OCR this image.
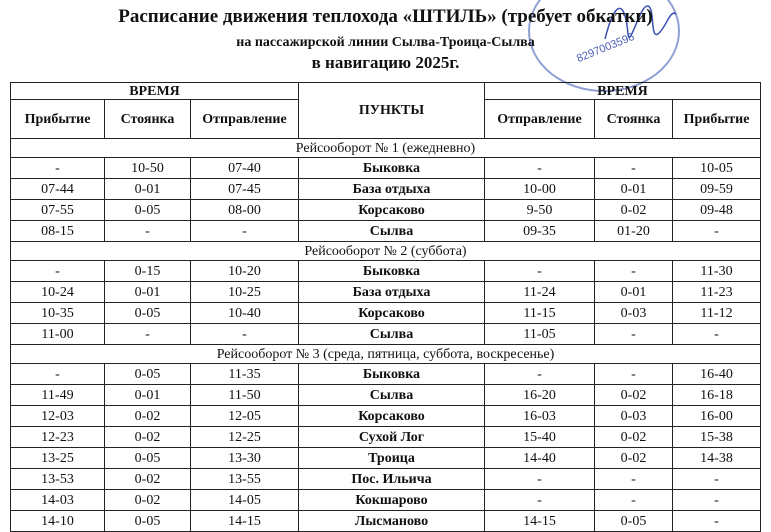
8297003596
Расписание движения теплохода «ШТИЛЬ» (требует обкатки)
на пассажирской линии Сылва-Троица-Сылва
в навигацию 2025г.
ВРЕМЯ			ПУНКТЫ	ВРЕМЯ		
Прибытие	Стоянка	Отправление		Отправление	Стоянка	Прибытие
Рейсооборот № 1 (ежедневно)						
-	10-50	07-40	Быковка	-	-	10-05
07-44	0-01	07-45	База отдыха	10-00	0-01	09-59
07-55	0-05	08-00	Корсаково	9-50	0-02	09-48
08-15	-	-	Сылва	09-35	01-20	-
Рейсооборот № 2 (суббота)						
-	0-15	10-20	Быковка	-	-	11-30
10-24	0-01	10-25	База отдыха	11-24	0-01	11-23
10-35	0-05	10-40	Корсаково	11-15	0-03	11-12
11-00	-	-	Сылва	11-05	-	-
Рейсооборот № 3 (среда, пятница, суббота, воскресенье)						
-	0-05	11-35	Быковка	-	-	16-40
11-49	0-01	11-50	Сылва	16-20	0-02	16-18
12-03	0-02	12-05	Корсаково	16-03	0-03	16-00
12-23	0-02	12-25	Сухой Лог	15-40	0-02	15-38
13-25	0-05	13-30	Троица	14-40	0-02	14-38
13-53	0-02	13-55	Пос. Ильича	-	-	-
14-03	0-02	14-05	Кокшарово	-	-	-
14-10	0-05	14-15	Лысманово	14-15	0-05	-
